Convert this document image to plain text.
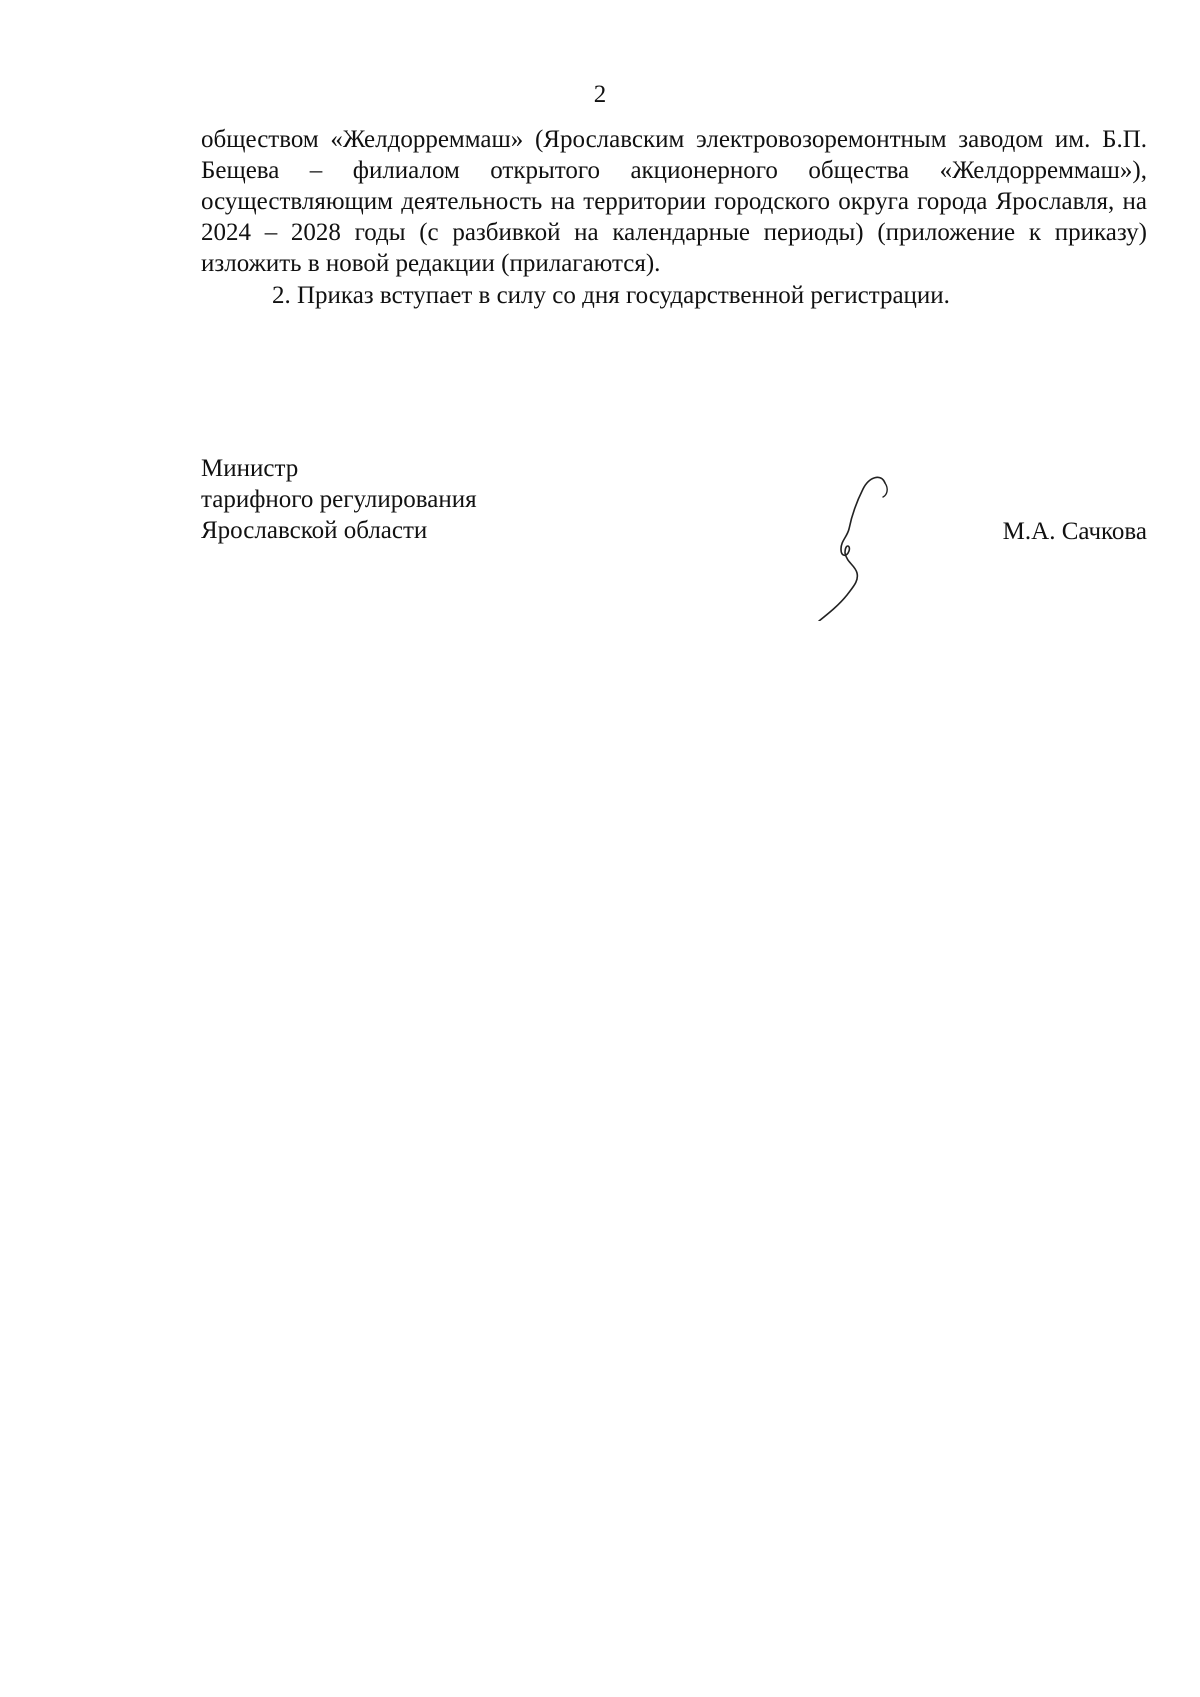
2

обществом «Желдорреммаш» (Ярославским электровозоремонтным заводом им. Б.П. Бещева – филиалом открытого акционерного общества «Желдорреммаш»), осуществляющим деятельность на территории городского округа города Ярославля, на 2024 – 2028 годы (с разбивкой на календарные периоды) (приложение к приказу) изложить в новой редакции (прилагаются).

2. Приказ вступает в силу со дня государственной регистрации.

Министр
тарифного регулирования
Ярославской области	М.А. Сачкова
